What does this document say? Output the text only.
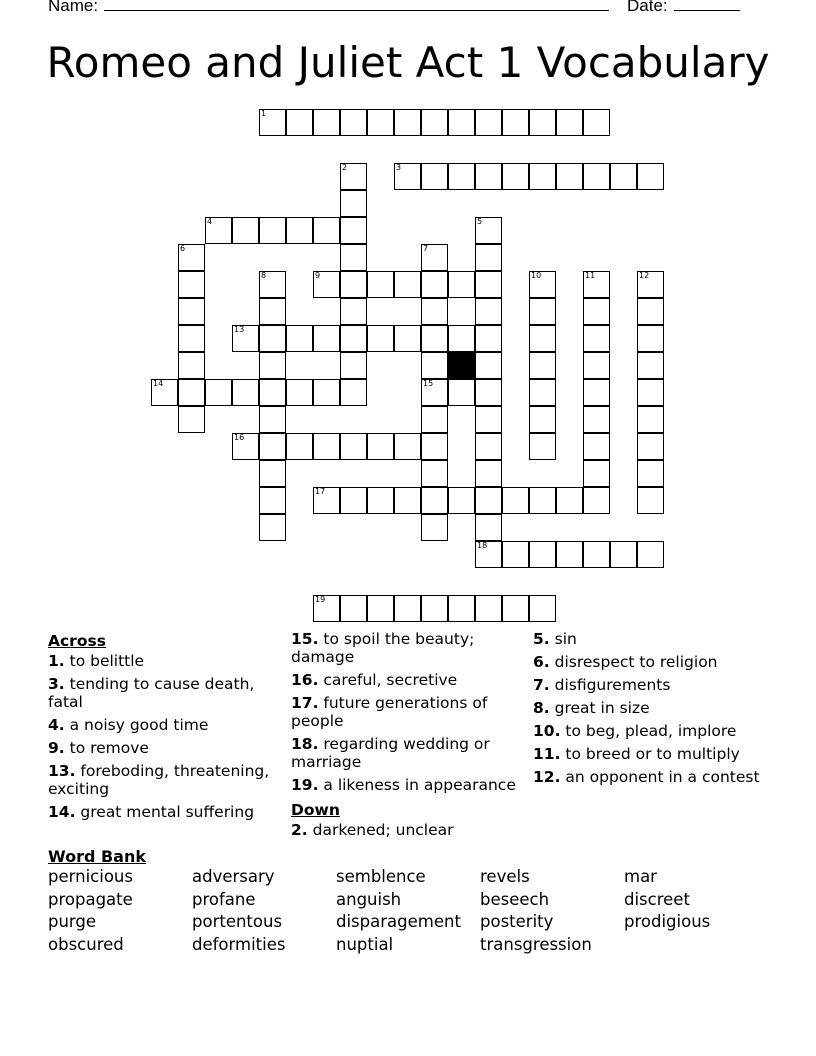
Name:	Date:
Romeo and Juliet Act 1 Vocabulary
1
3
4
9
13
14	15
16
17
18
19
2
5
6	7
8	10	11	12
Across
1. to belittle
3. tending to cause death, fatal
4. a noisy good time
9. to remove
13. foreboding, threatening, exciting
14. great mental suffering
15. to spoil the beauty; damage
16. careful, secretive
17. future generations of people
18. regarding wedding or marriage
19. a likeness in appearance
Down
2. darkened; unclear
5. sin
6. disrespect to religion
7. disfigurements
8. great in size
10. to beg, plead, implore
11. to breed or to multiply
12. an opponent in a contest
Word Bank
pernicious
propagate
purge
obscured
adversary
profane
portentous
deformities
semblence
anguish
disparagement
nuptial
revels
beseech
posterity
transgression
mar
discreet
prodigious
